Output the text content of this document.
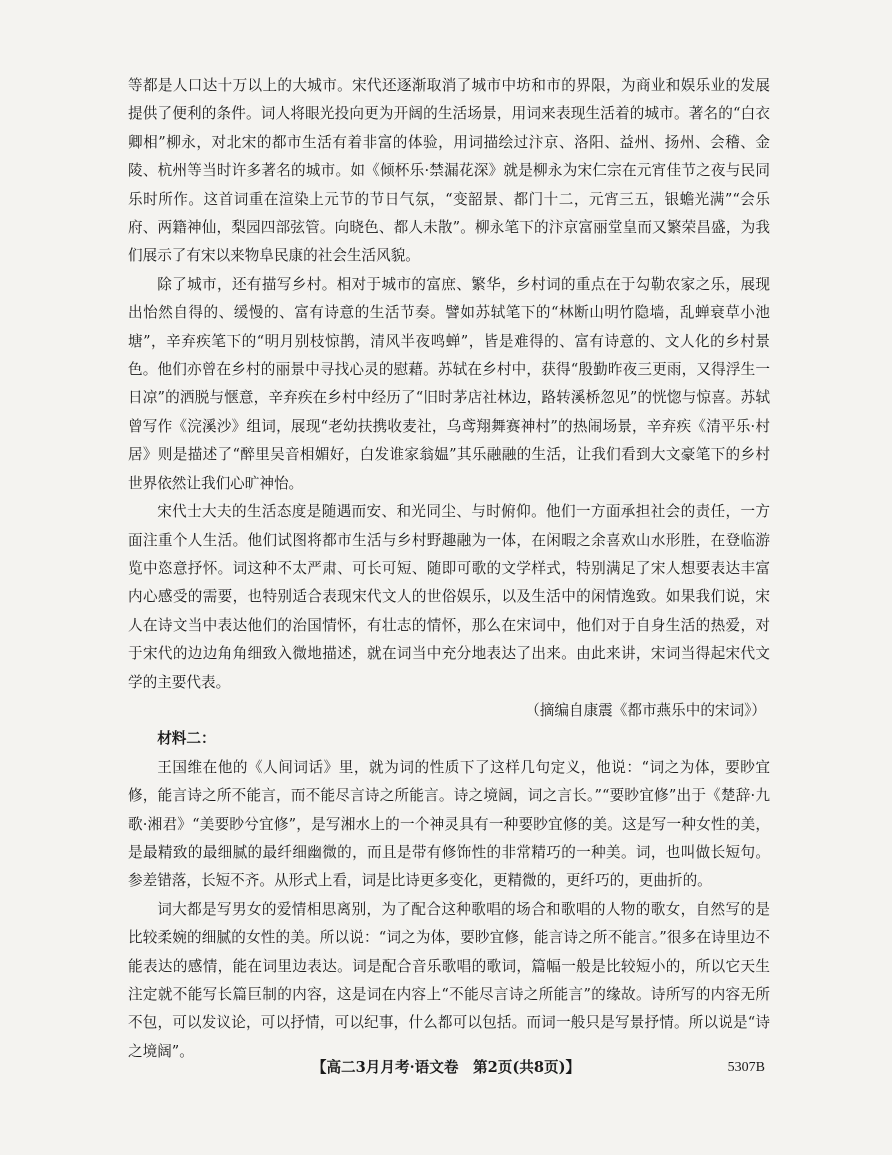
等都是人口达十万以上的大城市。宋代还逐渐取消了城市中坊和市的界限，为商业和娱乐业的发展提供了便利的条件。词人将眼光投向更为开阔的生活场景，用词来表现生活着的城市。著名的“白衣卿相”柳永，对北宋的都市生活有着非富的体验，用词描绘过汴京、洛阳、益州、扬州、会稽、金陵、杭州等当时许多著名的城市。如《倾杯乐·禁漏花深》就是柳永为宋仁宗在元宵佳节之夜与民同乐时所作。这首词重在渲染上元节的节日气氛，“变韶景、都门十二，元宵三五，银蟾光满”“会乐府、两籍神仙，梨园四部弦管。向晓色、都人未散”。柳永笔下的汴京富丽堂皇而又繁荣昌盛，为我们展示了有宋以来物阜民康的社会生活风貌。

除了城市，还有描写乡村。相对于城市的富庶、繁华，乡村词的重点在于勾勒农家之乐，展现出怡然自得的、缓慢的、富有诗意的生活节奏。譬如苏轼笔下的“林断山明竹隐墙，乱蝉衰草小池塘”，辛弃疾笔下的“明月别枝惊鹊，清风半夜鸣蝉”，皆是难得的、富有诗意的、文人化的乡村景色。他们亦曾在乡村的丽景中寻找心灵的慰藉。苏轼在乡村中，获得“殷勤昨夜三更雨，又得浮生一日凉”的洒脱与惬意，辛弃疾在乡村中经历了“旧时茅店社林边，路转溪桥忽见”的恍惚与惊喜。苏轼曾写作《浣溪沙》组词，展现“老幼扶携收麦社，乌鸢翔舞赛神村”的热闹场景，辛弃疾《清平乐·村居》则是描述了“醉里吴音相媚好，白发谁家翁媪”其乐融融的生活，让我们看到大文豪笔下的乡村世界依然让我们心旷神怡。

宋代士大夫的生活态度是随遇而安、和光同尘、与时俯仰。他们一方面承担社会的责任，一方面注重个人生活。他们试图将都市生活与乡村野趣融为一体，在闲暇之余喜欢山水形胜，在登临游览中恣意抒怀。词这种不太严肃、可长可短、随即可歌的文学样式，特别满足了宋人想要表达丰富内心感受的需要，也特别适合表现宋代文人的世俗娱乐，以及生活中的闲情逸致。如果我们说，宋人在诗文当中表达他们的治国情怀，有壮志的情怀，那么在宋词中，他们对于自身生活的热爱，对于宋代的边边角角细致入微地描述，就在词当中充分地表达了出来。由此来讲，宋词当得起宋代文学的主要代表。

（摘编自康震《都市燕乐中的宋词》）

材料二：

王国维在他的《人间词话》里，就为词的性质下了这样几句定义，他说：“词之为体，要眇宜修，能言诗之所不能言，而不能尽言诗之所能言。诗之境阔，词之言长。”“要眇宜修”出于《楚辞·九歌·湘君》“美要眇兮宜修”，是写湘水上的一个神灵具有一种要眇宜修的美。这是写一种女性的美，是最精致的最细腻的最纤细幽微的，而且是带有修饰性的非常精巧的一种美。词，也叫做长短句。参差错落，长短不齐。从形式上看，词是比诗更多变化，更精微的，更纤巧的，更曲折的。

词大都是写男女的爱情相思离别，为了配合这种歌唱的场合和歌唱的人物的歌女，自然写的是比较柔婉的细腻的女性的美。所以说：“词之为体，要眇宜修，能言诗之所不能言。”很多在诗里边不能表达的感情，能在词里边表达。词是配合音乐歌唱的歌词，篇幅一般是比较短小的，所以它天生注定就不能写长篇巨制的内容，这是词在内容上“不能尽言诗之所能言”的缘故。诗所写的内容无所不包，可以发议论，可以抒情，可以纪事，什么都可以包括。而词一般只是写景抒情。所以说是“诗之境阔”。

【高二3月月考·语文卷　第2页(共8页)】	5307B
